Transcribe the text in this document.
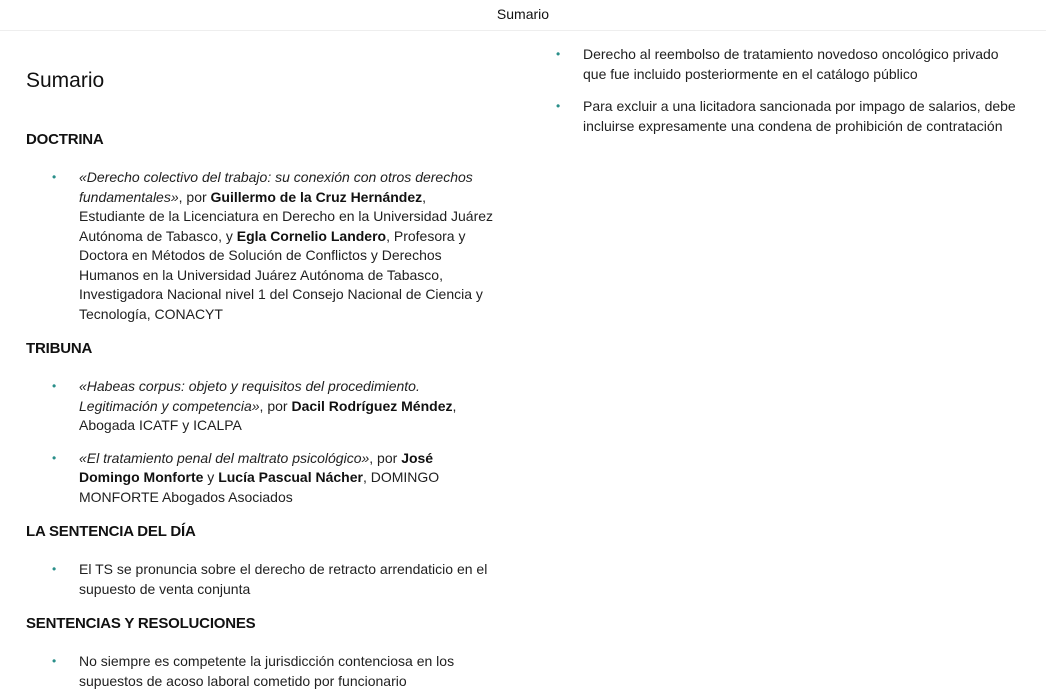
Sumario
Sumario
DOCTRINA
• «Derecho colectivo del trabajo: su conexión con otros derechos fundamentales», por Guillermo de la Cruz Hernández, Estudiante de la Licenciatura en Derecho en la Universidad Juárez Autónoma de Tabasco, y Egla Cornelio Landero, Profesora y Doctora en Métodos de Solución de Conflictos y Derechos Humanos en la Universidad Juárez Autónoma de Tabasco, Investigadora Nacional nivel 1 del Consejo Nacional de Ciencia y Tecnología, CONACYT
TRIBUNA
• «Habeas corpus: objeto y requisitos del procedimiento. Legitimación y competencia», por Dacil Rodríguez Méndez, Abogada ICATF y ICALPA
• «El tratamiento penal del maltrato psicológico», por José Domingo Monforte y Lucía Pascual Nácher, DOMINGO MONFORTE Abogados Asociados
LA SENTENCIA DEL DÍA
• El TS se pronuncia sobre el derecho de retracto arrendaticio en el supuesto de venta conjunta
SENTENCIAS Y RESOLUCIONES
• No siempre es competente la jurisdicción contenciosa en los supuestos de acoso laboral cometido por funcionario
• Derecho al reembolso de tratamiento novedoso oncológico privado que fue incluido posteriormente en el catálogo público
• Para excluir a una licitadora sancionada por impago de salarios, debe incluirse expresamente una condena de prohibición de contratación
